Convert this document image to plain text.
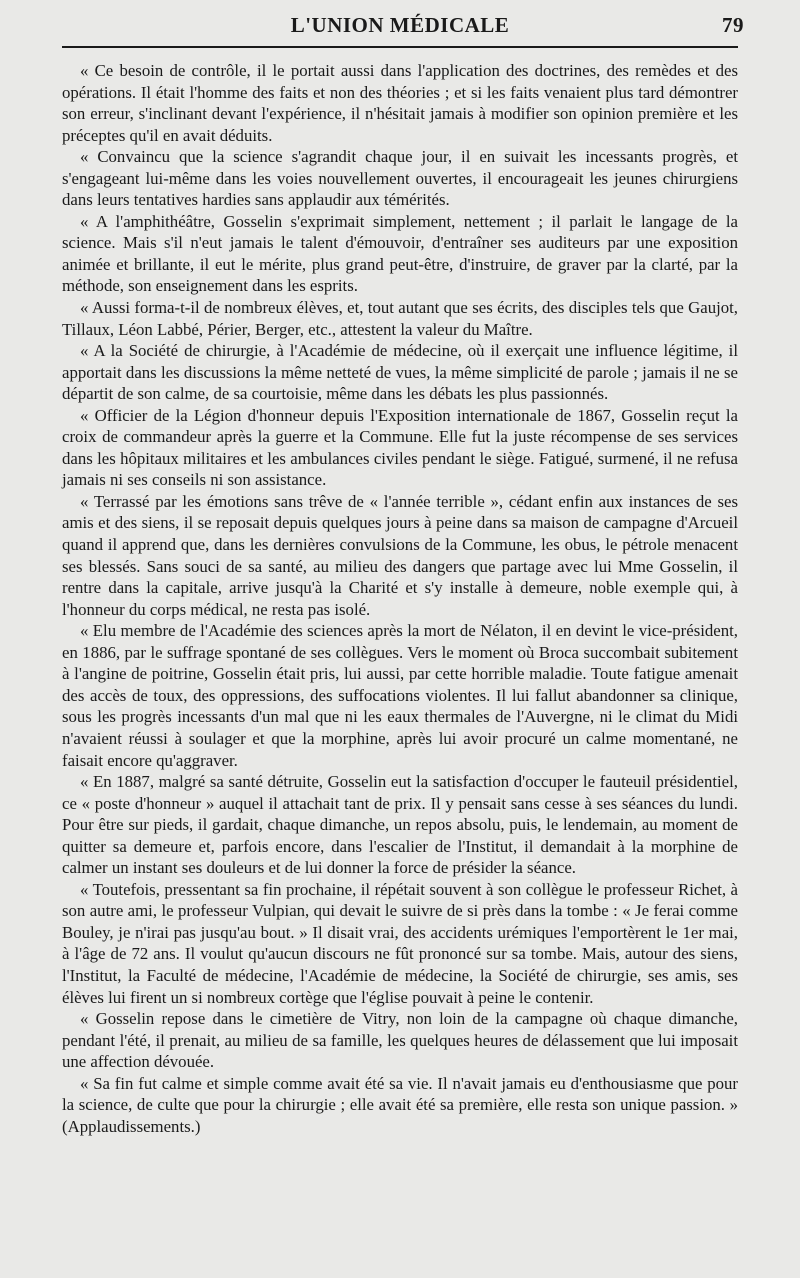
L'UNION MÉDICALE	79

« Ce besoin de contrôle, il le portait aussi dans l'application des doctrines, des remèdes et des opérations. Il était l'homme des faits et non des théories ; et si les faits venaient plus tard démontrer son erreur, s'inclinant devant l'expérience, il n'hésitait jamais à modifier son opinion première et les préceptes qu'il en avait déduits.

« Convaincu que la science s'agrandit chaque jour, il en suivait les incessants progrès, et s'engageant lui-même dans les voies nouvellement ouvertes, il encourageait les jeunes chirurgiens dans leurs tentatives hardies sans applaudir aux témérités.

« A l'amphithéâtre, Gosselin s'exprimait simplement, nettement ; il parlait le langage de la science. Mais s'il n'eut jamais le talent d'émouvoir, d'entraîner ses auditeurs par une exposition animée et brillante, il eut le mérite, plus grand peut-être, d'instruire, de graver par la clarté, par la méthode, son enseignement dans les esprits.

« Aussi forma-t-il de nombreux élèves, et, tout autant que ses écrits, des disciples tels que Gaujot, Tillaux, Léon Labbé, Périer, Berger, etc., attestent la valeur du Maître.

« A la Société de chirurgie, à l'Académie de médecine, où il exerçait une influence légitime, il apportait dans les discussions la même netteté de vues, la même simplicité de parole ; jamais il ne se départit de son calme, de sa courtoisie, même dans les débats les plus passionnés.

« Officier de la Légion d'honneur depuis l'Exposition internationale de 1867, Gosselin reçut la croix de commandeur après la guerre et la Commune. Elle fut la juste récompense de ses services dans les hôpitaux militaires et les ambulances civiles pendant le siège. Fatigué, surmené, il ne refusa jamais ni ses conseils ni son assistance.

« Terrassé par les émotions sans trêve de « l'année terrible », cédant enfin aux instances de ses amis et des siens, il se reposait depuis quelques jours à peine dans sa maison de campagne d'Arcueil quand il apprend que, dans les dernières convulsions de la Commune, les obus, le pétrole menacent ses blessés. Sans souci de sa santé, au milieu des dangers que partage avec lui Mme Gosselin, il rentre dans la capitale, arrive jusqu'à la Charité et s'y installe à demeure, noble exemple qui, à l'honneur du corps médical, ne resta pas isolé.

« Elu membre de l'Académie des sciences après la mort de Nélaton, il en devint le vice-président, en 1886, par le suffrage spontané de ses collègues. Vers le moment où Broca succombait subitement à l'angine de poitrine, Gosselin était pris, lui aussi, par cette horrible maladie. Toute fatigue amenait des accès de toux, des oppressions, des suffocations violentes. Il lui fallut abandonner sa clinique, sous les progrès incessants d'un mal que ni les eaux thermales de l'Auvergne, ni le climat du Midi n'avaient réussi à soulager et que la morphine, après lui avoir procuré un calme momentané, ne faisait encore qu'aggraver.

« En 1887, malgré sa santé détruite, Gosselin eut la satisfaction d'occuper le fauteuil présidentiel, ce « poste d'honneur » auquel il attachait tant de prix. Il y pensait sans cesse à ses séances du lundi. Pour être sur pieds, il gardait, chaque dimanche, un repos absolu, puis, le lendemain, au moment de quitter sa demeure et, parfois encore, dans l'escalier de l'Institut, il demandait à la morphine de calmer un instant ses douleurs et de lui donner la force de présider la séance.

« Toutefois, pressentant sa fin prochaine, il répétait souvent à son collègue le professeur Richet, à son autre ami, le professeur Vulpian, qui devait le suivre de si près dans la tombe : « Je ferai comme Bouley, je n'irai pas jusqu'au bout. » Il disait vrai, des accidents urémiques l'emportèrent le 1er mai, à l'âge de 72 ans. Il voulut qu'aucun discours ne fût prononcé sur sa tombe. Mais, autour des siens, l'Institut, la Faculté de médecine, l'Académie de médecine, la Société de chirurgie, ses amis, ses élèves lui firent un si nombreux cortège que l'église pouvait à peine le contenir.

« Gosselin repose dans le cimetière de Vitry, non loin de la campagne où chaque dimanche, pendant l'été, il prenait, au milieu de sa famille, les quelques heures de délassement que lui imposait une affection dévouée.

« Sa fin fut calme et simple comme avait été sa vie. Il n'avait jamais eu d'enthousiasme que pour la science, de culte que pour la chirurgie ; elle avait été sa première, elle resta son unique passion. » (Applaudissements.)
